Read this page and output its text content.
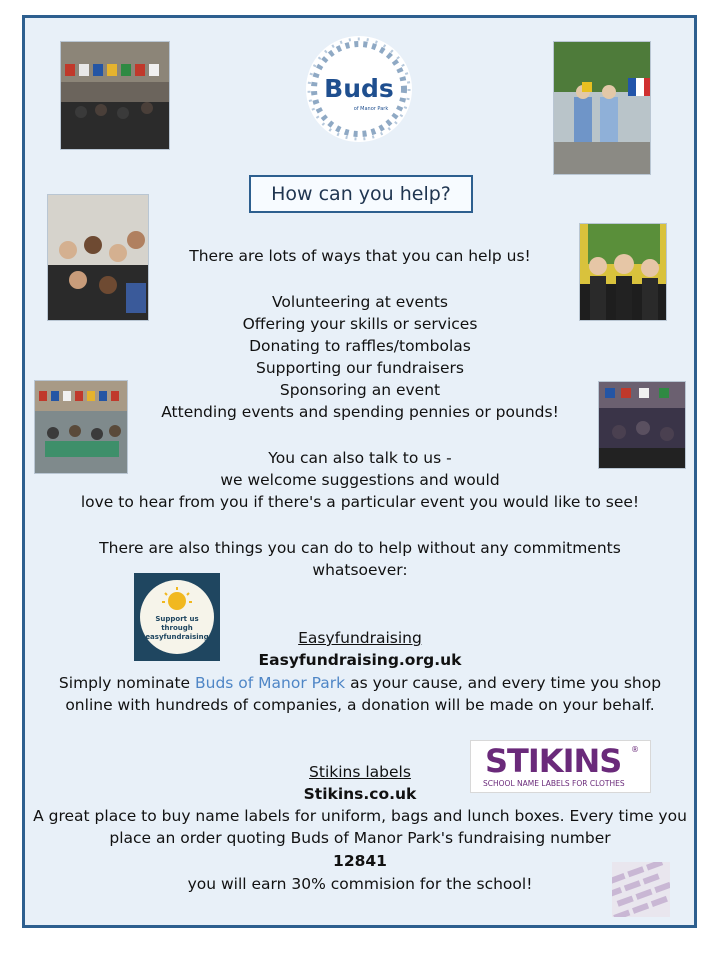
Buds
of Manor Park
How can you help?
There are lots of ways that you can help us!
Volunteering at events
Offering your skills or services
Donating to raffles/tombolas
Supporting our fundraisers
Sponsoring an event
Attending events and spending pennies or pounds!
You can also talk to us -
we welcome suggestions and would
love to hear from you if there's a particular event you would like to see!
There are also things you can do to help without any commitments whatsoever:
Support us through easyfundraising	Easyfundraising
Easyfundraising.org.uk
Simply nominate Buds of Manor Park as your cause, and every time you shop online with hundreds of companies, a donation will be made on your behalf.
STIKINS ®
SCHOOL NAME LABELS FOR CLOTHES
Stikins labels
Stikins.co.uk
A great place to buy name labels for uniform, bags and lunch boxes. Every time you place an order quoting Buds of Manor Park's fundraising number
12841
you will earn 30% commision for the school!
